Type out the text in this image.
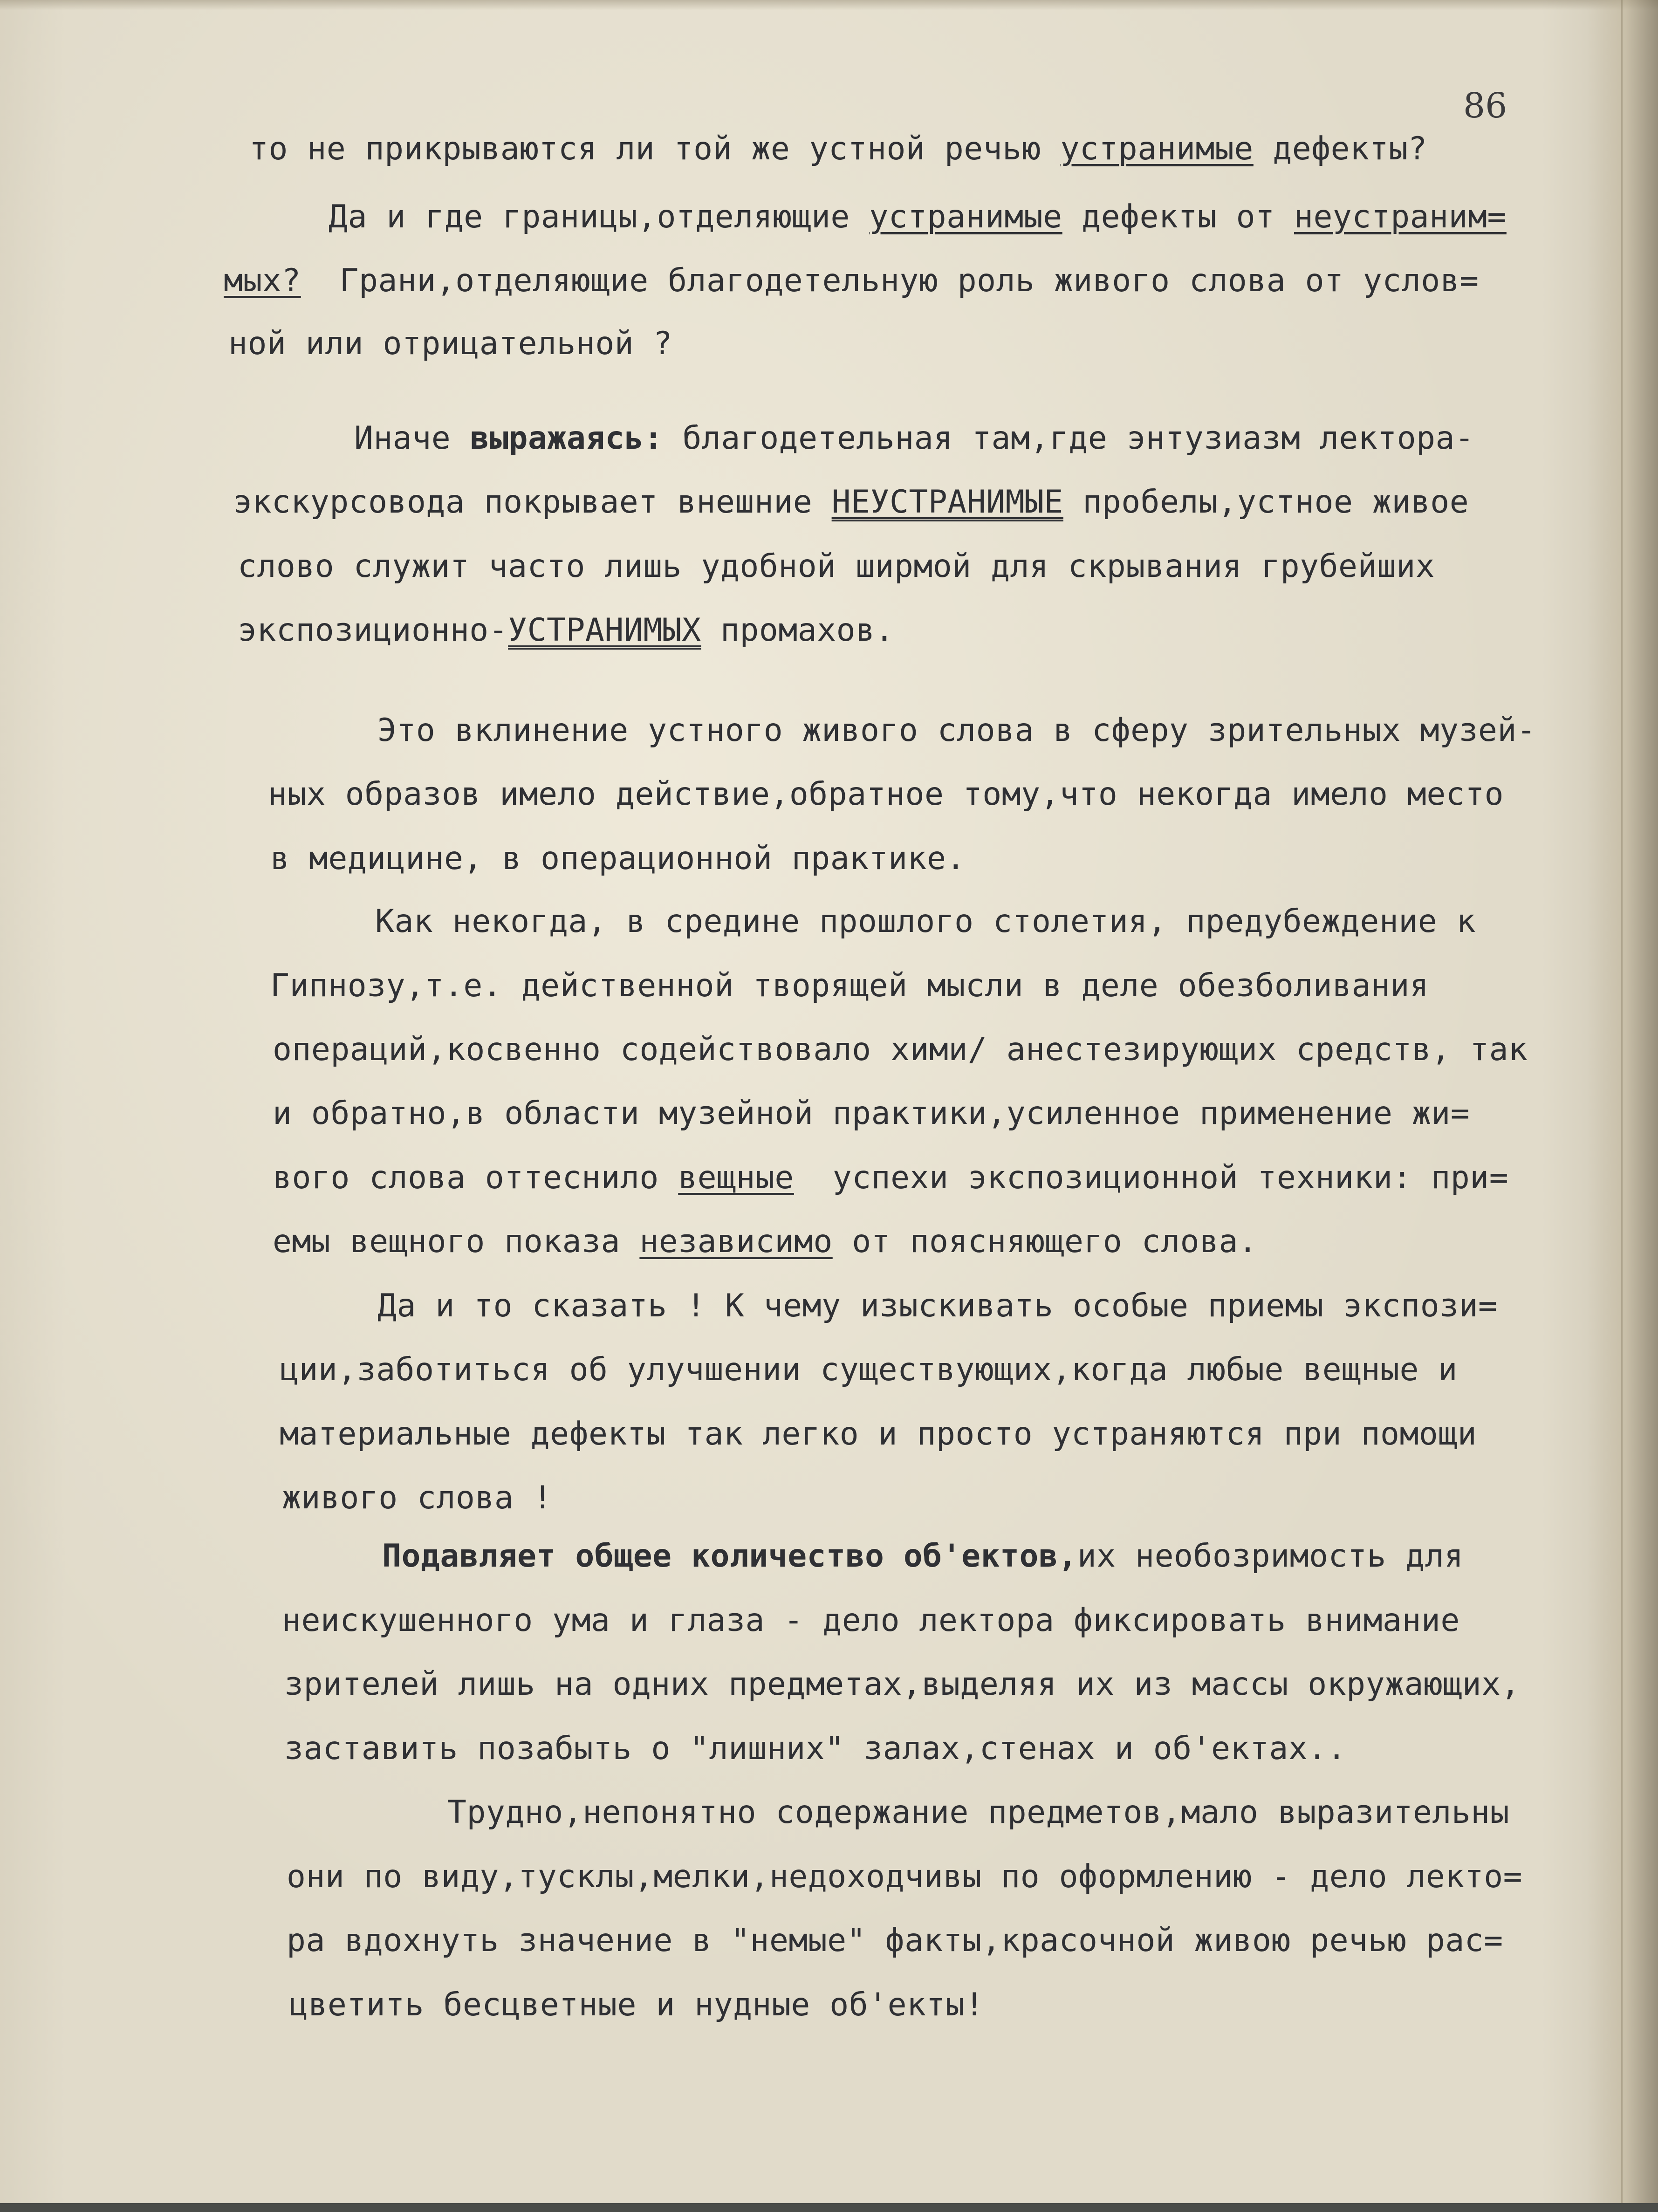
86

то не прикрываются ли той же устной речью устранимые дефекты?

Да и где границы,отделяющие устранимые дефекты от неустраним=

мых?  Грани,отделяющие благодетельную роль живого слова от услов=

ной или отрицательной ?

Иначе выражаясь: благодетельная там,где энтузиазм лектора-

экскурсовода покрывает внешние НЕУСТРАНИМЫЕ пробелы,устное живое

слово служит часто лишь удобной ширмой для скрывания грубейших

экспозиционно-УСТРАНИМЫХ промахов.

Это вклинение устного живого слова в сферу зрительных музей-

ных образов имело действие,обратное тому,что некогда имело место

в медицине, в операционной практике.

Как некогда, в средине прошлого столетия, предубеждение к

Гипнозу,т.е. действенной творящей мысли в деле обезболивания

операций,косвенно содействовало хими/ анестезирующих средств, так

и обратно,в области музейной практики,усиленное применение жи=

вого слова оттеснило вещные  успехи экспозиционной техники: при=

емы вещного показа независимо от поясняющего слова.

Да и то сказать ! К чему изыскивать особые приемы экспози=

ции,заботиться об улучшении существующих,когда любые вещные и

материальные дефекты так легко и просто устраняются при помощи

живого слова !

Подавляет общее количество об'ектов,их необозримость для

неискушенного ума и глаза - дело лектора фиксировать внимание

зрителей лишь на одних предметах,выделяя их из массы окружающих,

заставить позабыть о "лишних" залах,стенах и об'ектах..

Трудно,непонятно содержание предметов,мало выразительны

они по виду,тусклы,мелки,недоходчивы по оформлению - дело лекто=

ра вдохнуть значение в "немые" факты,красочной живою речью рас=

цветить бесцветные и нудные об'екты!
